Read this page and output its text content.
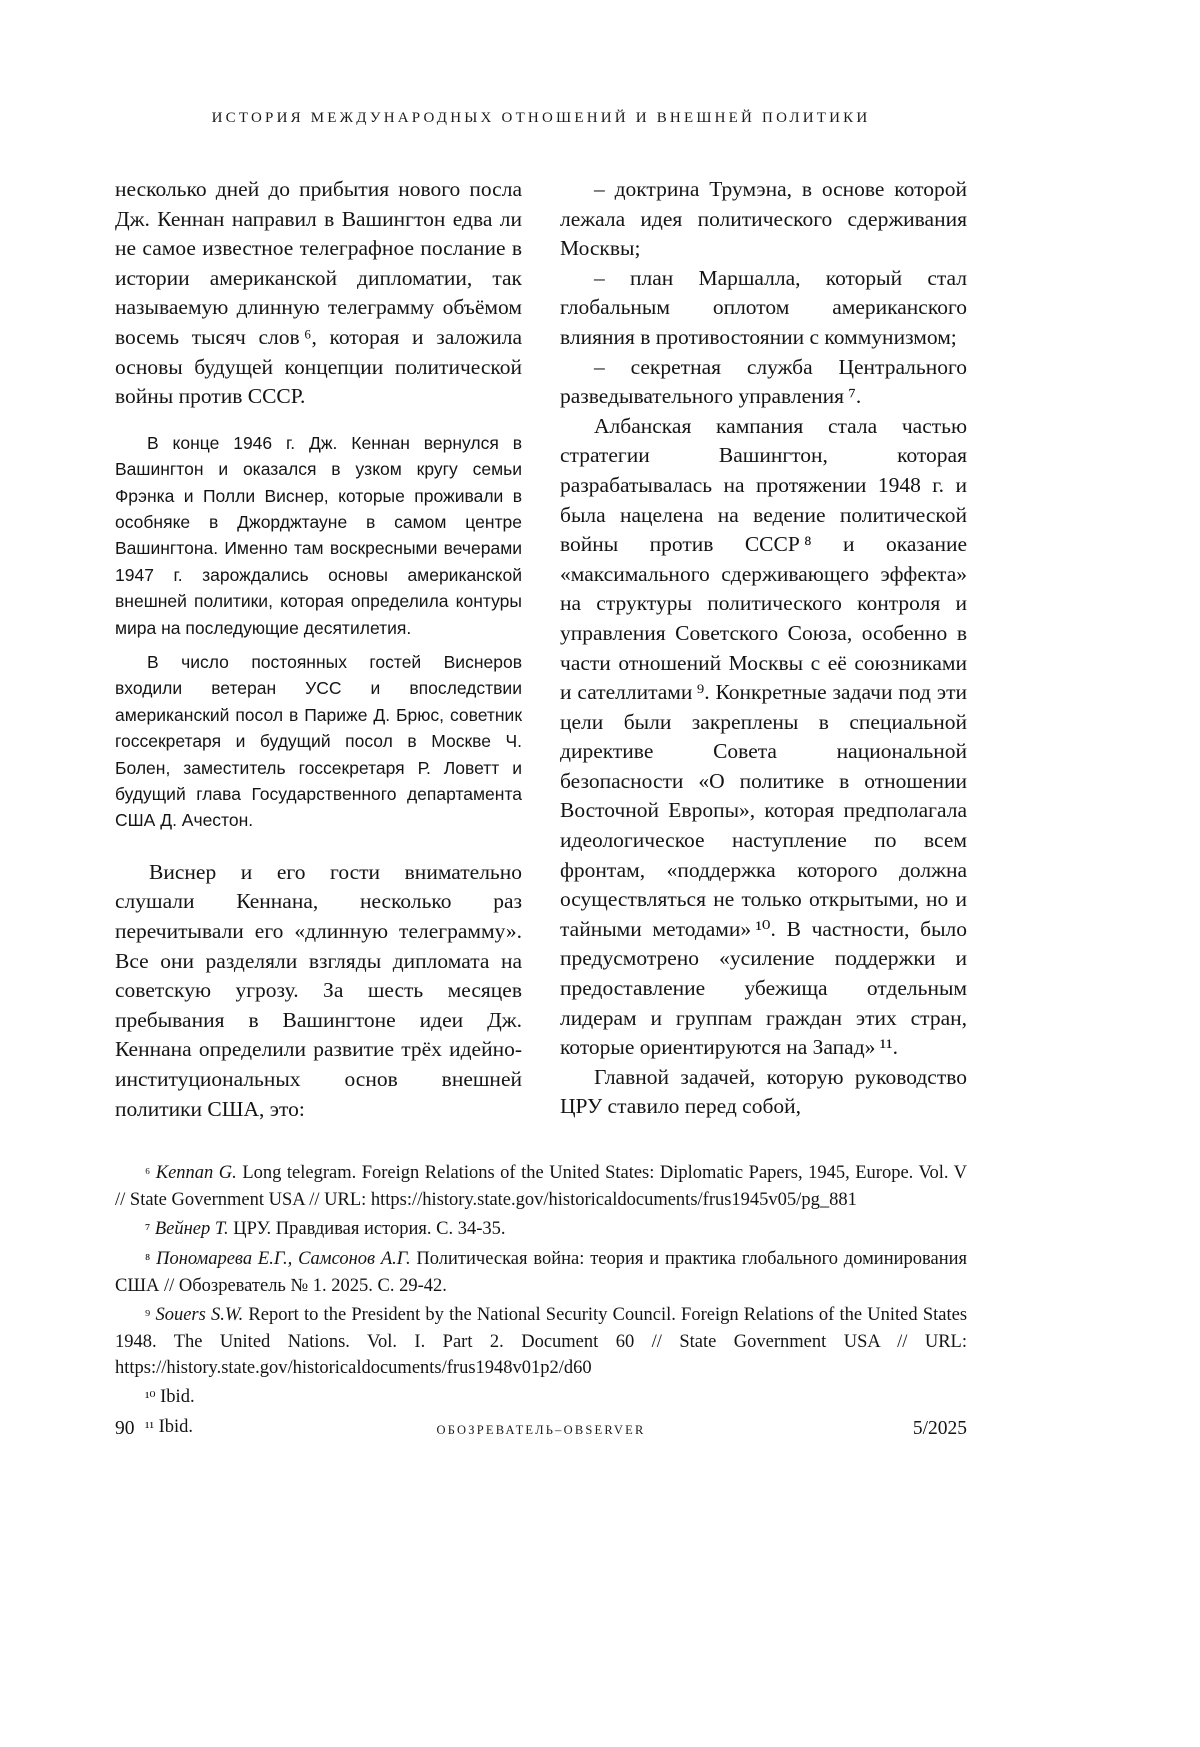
ИСТОРИЯ МЕЖДУНАРОДНЫХ ОТНОШЕНИЙ И ВНЕШНЕЙ ПОЛИТИКИ

несколько дней до прибытия нового посла Дж. Кеннан направил в Вашингтон едва ли не самое известное телеграфное послание в истории американской дипломатии, так называемую длинную телеграмму объёмом восемь тысяч слов ⁶, которая и заложила основы будущей концепции политической войны против СССР.

В конце 1946 г. Дж. Кеннан вернулся в Вашингтон и оказался в узком кругу семьи Фрэнка и Полли Виснер, которые проживали в особняке в Джорджтауне в самом центре Вашингтона. Именно там воскресными вечерами 1947 г. зарождались основы американской внешней политики, которая определила контуры мира на последующие десятилетия.

В число постоянных гостей Виснеров входили ветеран УСС и впоследствии американский посол в Париже Д. Брюс, советник госсекретаря и будущий посол в Москве Ч. Болен, заместитель госсекретаря Р. Ловетт и будущий глава Государственного департамента США Д. Ачестон.

Виснер и его гости внимательно слушали Кеннана, несколько раз перечитывали его «длинную телеграмму». Все они разделяли взгляды дипломата на советскую угрозу. За шесть месяцев пребывания в Вашингтоне идеи Дж. Кеннана определили развитие трёх идейно-институциональных основ внешней политики США, это:

– доктрина Трумэна, в основе которой лежала идея политического сдерживания Москвы;

– план Маршалла, который стал глобальным оплотом американского влияния в противостоянии с коммунизмом;

– секретная служба Центрального разведывательного управления ⁷.

Албанская кампания стала частью стратегии Вашингтон, которая разрабатывалась на протяжении 1948 г. и была нацелена на ведение политической войны против СССР ⁸ и оказание «максимального сдерживающего эффекта» на структуры политического контроля и управления Советского Союза, особенно в части отношений Москвы с её союзниками и сателлитами ⁹. Конкретные задачи под эти цели были закреплены в специальной директиве Совета национальной безопасности «О политике в отношении Восточной Европы», которая предполагала идеологическое наступление по всем фронтам, «поддержка которого должна осуществляться не только открытыми, но и тайными методами» ¹⁰. В частности, было предусмотрено «усиление поддержки и предоставление убежища отдельным лидерам и группам граждан этих стран, которые ориентируются на Запад» ¹¹.

Главной задачей, которую руководство ЦРУ ставило перед собой,

⁶ Kennan G. Long telegram. Foreign Relations of the United States: Diplomatic Papers, 1945, Europe. Vol. V // State Government USA // URL: https://history.state.gov/historicaldocuments/frus1945v05/pg_881

⁷ Вейнер Т. ЦРУ. Правдивая история. С. 34-35.

⁸ Пономарева Е.Г., Самсонов А.Г. Политическая война: теория и практика глобального доминирования США // Обозреватель № 1. 2025. С. 29-42.

⁹ Souers S.W. Report to the President by the National Security Council. Foreign Relations of the United States 1948. The United Nations. Vol. I. Part 2. Document 60 // State Government USA // URL: https://history.state.gov/historicaldocuments/frus1948v01p2/d60

¹⁰ Ibid.

¹¹ Ibid.

90	ОБОЗРЕВАТЕЛЬ–OBSERVER	5/2025
